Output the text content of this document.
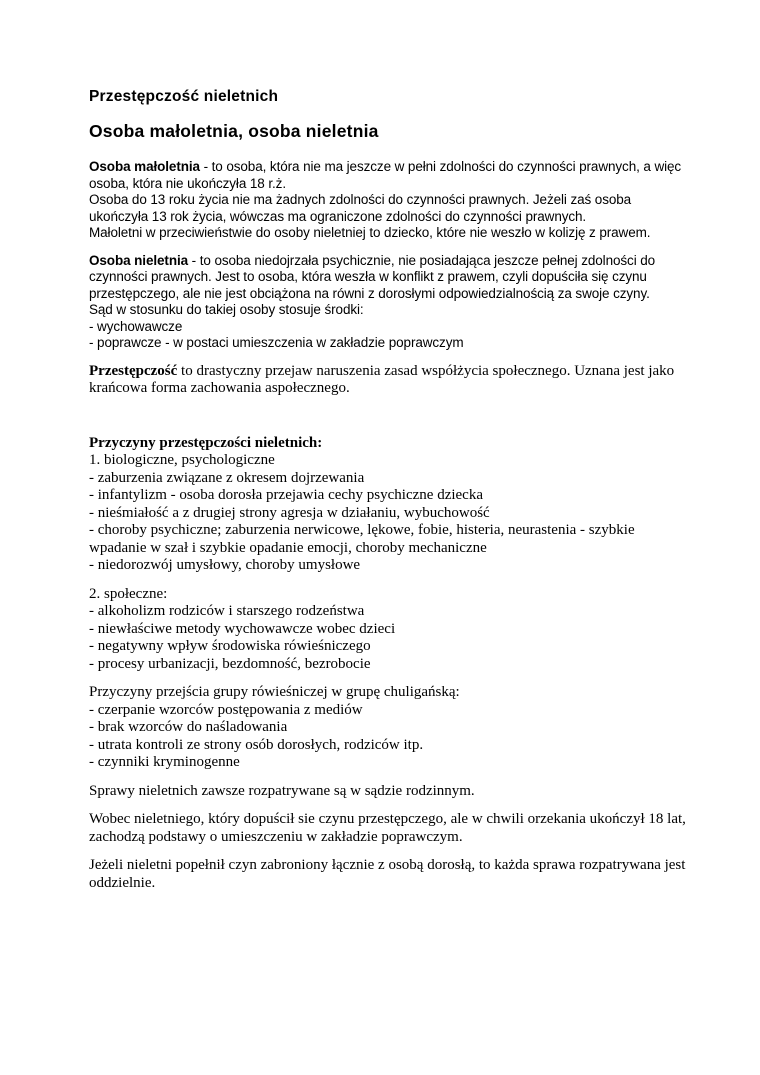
Przestępczość nieletnich
Osoba małoletnia, osoba nieletnia
Osoba małoletnia - to osoba, która nie ma jeszcze w pełni zdolności do czynności prawnych, a więc osoba, która nie ukończyła 18 r.ż.
Osoba do 13 roku życia nie ma żadnych zdolności do czynności prawnych. Jeżeli zaś osoba ukończyła 13 rok życia, wówczas ma ograniczone zdolności do czynności prawnych.
Małoletni w przeciwieństwie do osoby nieletniej to dziecko, które nie weszło w kolizję z prawem.
Osoba nieletnia - to osoba niedojrzała psychicznie, nie posiadająca jeszcze pełnej zdolności do czynności prawnych. Jest to osoba, która weszła w konflikt z prawem, czyli dopuściła się czynu przestępczego, ale nie jest obciążona na równi z dorosłymi odpowiedzialnością za swoje czyny.
Sąd w stosunku do takiej osoby stosuje środki:
- wychowawcze
- poprawcze - w postaci umieszczenia w zakładzie poprawczym
Przestępczość to drastyczny przejaw naruszenia zasad współżycia społecznego. Uznana jest jako krańcowa forma zachowania aspołecznego.
Przyczyny przestępczości nieletnich:
1. biologiczne, psychologiczne
- zaburzenia związane z okresem dojrzewania
- infantylizm - osoba dorosła przejawia cechy psychiczne dziecka
- nieśmiałość a z drugiej strony agresja w działaniu, wybuchowość
- choroby psychiczne; zaburzenia nerwicowe, lękowe, fobie, histeria, neurastenia - szybkie wpadanie w szał i szybkie opadanie emocji, choroby mechaniczne
- niedorozwój umysłowy, choroby umysłowe
2. społeczne:
- alkoholizm rodziców i starszego rodzeństwa
- niewłaściwe metody wychowawcze wobec dzieci
- negatywny wpływ środowiska rówieśniczego
- procesy urbanizacji, bezdomność, bezrobocie
Przyczyny przejścia grupy rówieśniczej w grupę chuligańską:
- czerpanie wzorców postępowania z mediów
- brak wzorców do naśladowania
- utrata kontroli ze strony osób dorosłych, rodziców itp.
- czynniki kryminogenne
Sprawy nieletnich zawsze rozpatrywane są w sądzie rodzinnym.
Wobec nieletniego, który dopuścił sie czynu przestępczego, ale w chwili orzekania ukończył 18 lat, zachodzą podstawy o umieszczeniu w zakładzie poprawczym.
Jeżeli nieletni popełnił czyn zabroniony łącznie z osobą dorosłą, to każda sprawa rozpatrywana jest oddzielnie.
